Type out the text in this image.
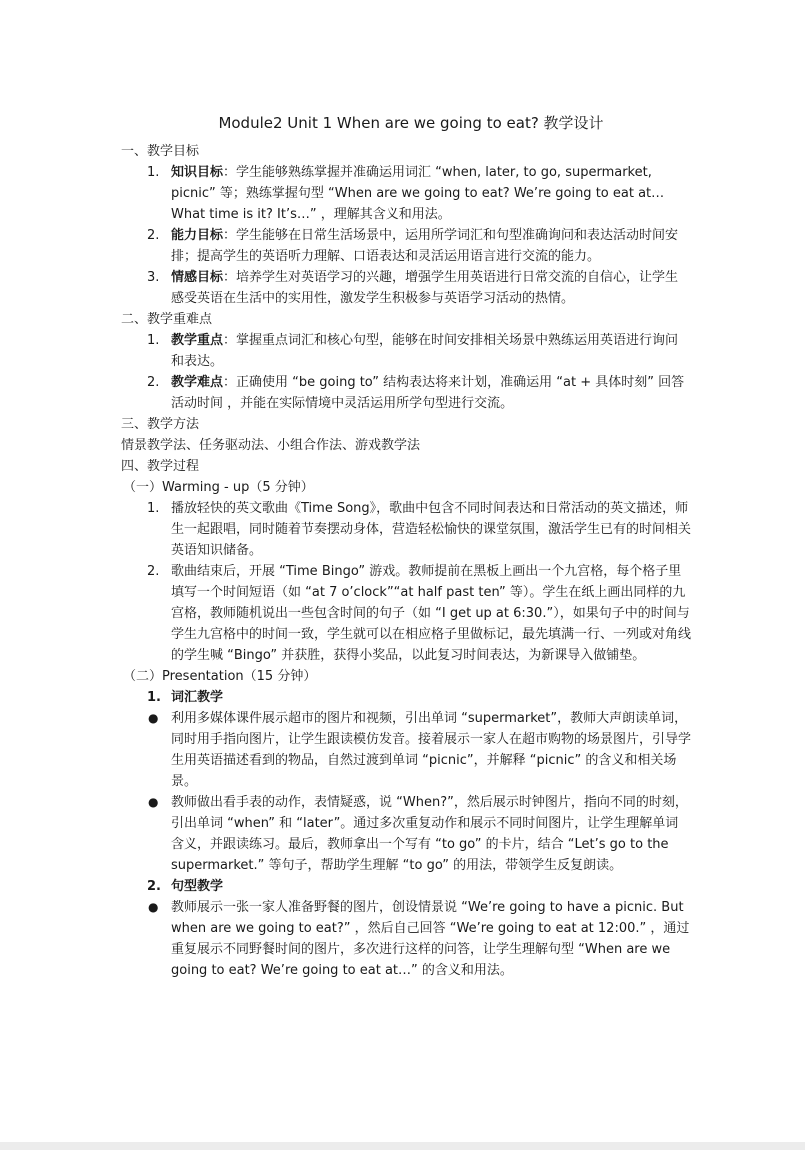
Module2 Unit 1 When are we going to eat? 教学设计
一、教学目标
1. 知识目标：学生能够熟练掌握并准确运用词汇 “when, later, to go, supermarket, picnic” 等；熟练掌握句型 “When are we going to eat? We’re going to eat at… What time is it? It’s…” ，理解其含义和用法。
2. 能力目标：学生能够在日常生活场景中，运用所学词汇和句型准确询问和表达活动时间安排；提高学生的英语听力理解、口语表达和灵活运用语言进行交流的能力。
3. 情感目标：培养学生对英语学习的兴趣，增强学生用英语进行日常交流的自信心，让学生感受英语在生活中的实用性，激发学生积极参与英语学习活动的热情。
二、教学重难点
1. 教学重点：掌握重点词汇和核心句型，能够在时间安排相关场景中熟练运用英语进行询问和表达。
2. 教学难点：正确使用 “be going to” 结构表达将来计划，准确运用 “at + 具体时刻” 回答活动时间 ，并能在实际情境中灵活运用所学句型进行交流。
三、教学方法
情景教学法、任务驱动法、小组合作法、游戏教学法
四、教学过程
（一）Warming - up（5 分钟）
1. 播放轻快的英文歌曲《Time Song》，歌曲中包含不同时间表达和日常活动的英文描述，师生一起跟唱，同时随着节奏摆动身体，营造轻松愉快的课堂氛围，激活学生已有的时间相关英语知识储备。
2. 歌曲结束后，开展 “Time Bingo” 游戏。教师提前在黑板上画出一个九宫格，每个格子里填写一个时间短语（如 “at 7 o’clock”“at half past ten” 等）。学生在纸上画出同样的九宫格，教师随机说出一些包含时间的句子（如 “I get up at 6:30.”），如果句子中的时间与学生九宫格中的时间一致，学生就可以在相应格子里做标记，最先填满一行、一列或对角线的学生喊 “Bingo” 并获胜，获得小奖品，以此复习时间表达，为新课导入做铺垫。
（二）Presentation（15 分钟）
1. 词汇教学
● 利用多媒体课件展示超市的图片和视频，引出单词 “supermarket”，教师大声朗读单词，同时用手指向图片，让学生跟读模仿发音。接着展示一家人在超市购物的场景图片，引导学生用英语描述看到的物品，自然过渡到单词 “picnic”，并解释 “picnic” 的含义和相关场景。
● 教师做出看手表的动作，表情疑惑，说 “When?”，然后展示时钟图片，指向不同的时刻，引出单词 “when” 和 “later”。通过多次重复动作和展示不同时间图片，让学生理解单词含义，并跟读练习。最后，教师拿出一个写有 “to go” 的卡片，结合 “Let’s go to the supermarket.” 等句子，帮助学生理解 “to go” 的用法，带领学生反复朗读。
2. 句型教学
● 教师展示一张一家人准备野餐的图片，创设情景说 “We’re going to have a picnic. But when are we going to eat?” ，然后自己回答 “We’re going to eat at 12:00.” ，通过重复展示不同野餐时间的图片，多次进行这样的问答，让学生理解句型 “When are we going to eat? We’re going to eat at…” 的含义和用法。
